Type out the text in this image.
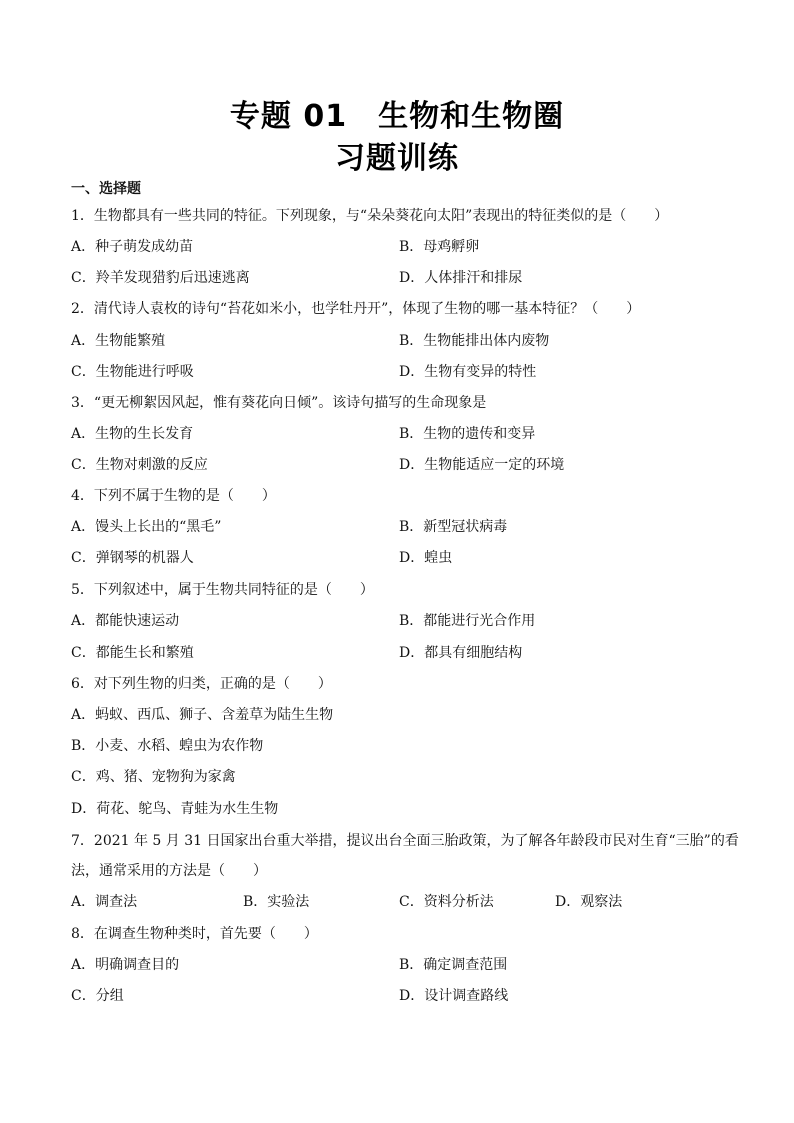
专题 01　生物和生物圈
习题训练
一、选择题
1．生物都具有一些共同的特征。下列现象，与“朵朵葵花向太阳”表现出的特征类似的是（　　）
A．种子萌发成幼苗	B．母鸡孵卵
C．羚羊发现猎豹后迅速逃离	D．人体排汗和排尿
2．清代诗人袁枚的诗句“苔花如米小，也学牡丹开”，体现了生物的哪一基本特征？（　　）
A．生物能繁殖	B．生物能排出体内废物
C．生物能进行呼吸	D．生物有变异的特性
3．“更无柳絮因风起，惟有葵花向日倾”。该诗句描写的生命现象是
A．生物的生长发育	B．生物的遗传和变异
C．生物对刺激的反应	D．生物能适应一定的环境
4．下列不属于生物的是（　　）
A．馒头上长出的“黑毛”	B．新型冠状病毒
C．弹钢琴的机器人	D．蝗虫
5．下列叙述中，属于生物共同特征的是（　　）
A．都能快速运动	B．都能进行光合作用
C．都能生长和繁殖	D．都具有细胞结构
6．对下列生物的归类，正确的是（　　）
A．蚂蚁、西瓜、狮子、含羞草为陆生生物
B．小麦、水稻、蝗虫为农作物
C．鸡、猪、宠物狗为家禽
D．荷花、鸵鸟、青蛙为水生生物
7．2021 年 5 月 31 日国家出台重大举措，提议出台全面三胎政策，为了解各年龄段市民对生育“三胎”的看
法，通常采用的方法是（　　）
A．调查法	B．实验法	C．资料分析法	D．观察法
8．在调查生物种类时，首先要（　　）
A．明确调查目的	B．确定调查范围
C．分组	D．设计调查路线
